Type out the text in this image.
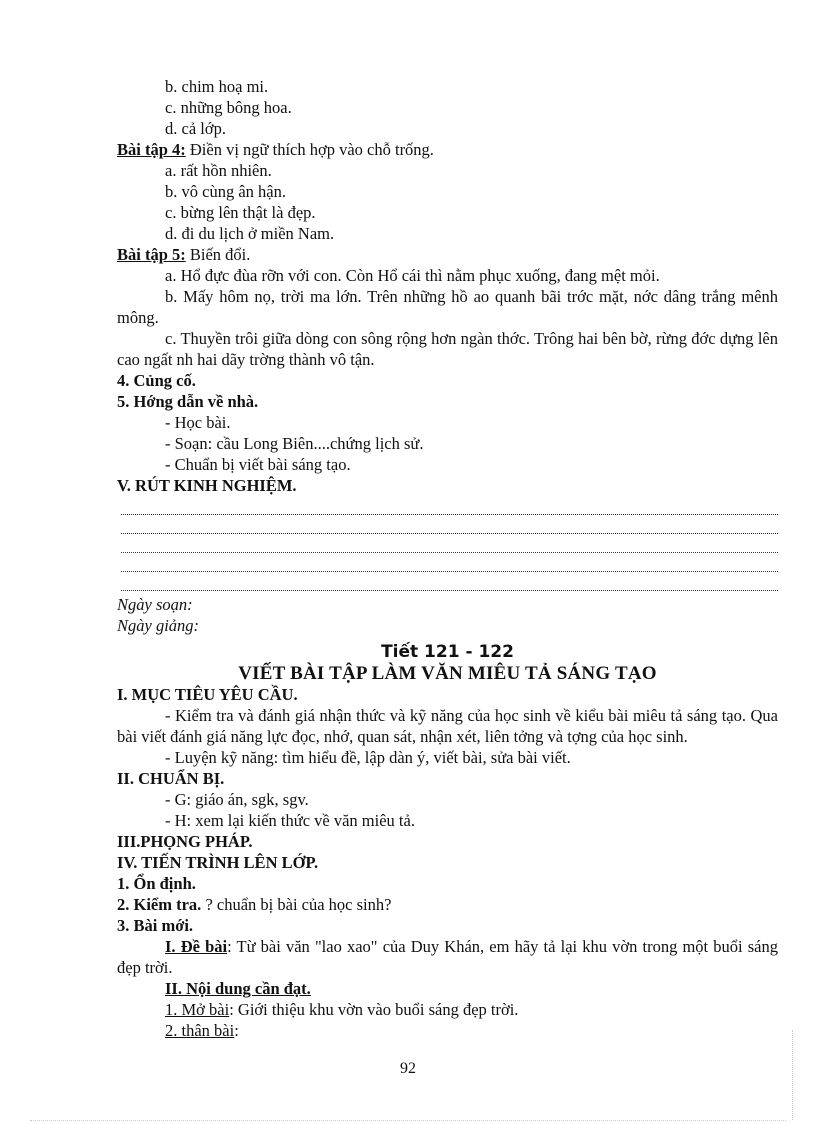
b. chim hoạ mi.
c. những bông hoa.
d. cả lớp.
Bài tập 4: Điền vị ngữ thích hợp vào chỗ trống.
a. rất hồn nhiên.
b. vô cùng ân hận.
c. bừng lên thật là đẹp.
d. đi du lịch ở miền Nam.
Bài tập 5: Biến đổi.
a. Hổ đực đùa rỡn với con. Còn Hổ cái thì nằm phục xuống, đang mệt mỏi.
b. Mấy hôm nọ, trời ma lớn. Trên những hồ ao quanh bãi trớc mặt, nớc dâng trắng mênh mông.
c. Thuyền trôi giữa dòng con sông rộng hơn ngàn thớc. Trông hai bên bờ, rừng đớc dựng lên cao ngất nh hai dãy trờng thành vô tận.
4. Củng cố.
5. Hớng dẫn về nhà.
- Học bài.
- Soạn: cầu Long Biên....chứng lịch sử.
- Chuẩn bị viết bài sáng tạo.
V. RÚT KINH NGHIỆM.
Ngày soạn:
Ngày giảng:
Tiết 121 - 122
VIẾT BÀI TẬP LÀM VĂN MIÊU TẢ SÁNG TẠO
I. MỤC TIÊU YÊU CẦU.
- Kiểm tra và đánh giá nhận thức và kỹ năng của học sinh về kiểu bài miêu tả sáng tạo. Qua bài viết đánh giá năng lực đọc, nhớ, quan sát, nhận xét, liên tởng và tợng của học sinh.
- Luyện kỹ năng: tìm hiểu đề, lập dàn ý, viết bài, sửa bài viết.
II. CHUẨN BỊ.
- G: giáo án, sgk, sgv.
- H: xem lại kiến thức về văn miêu tả.
III.PHỌNG PHÁP.
IV. TIẾN TRÌNH LÊN LỚP.
1. Ổn định.
2. Kiểm tra. ? chuẩn bị bài của học sinh?
3. Bài mới.
I. Đề bài: Từ bài văn "lao xao" của Duy Khán, em hãy tả lại khu vờn trong một buổi sáng đẹp trời.
II. Nội dung cần đạt.
1. Mở bài: Giới thiệu khu vờn vào buổi sáng đẹp trời.
2. thân bài:
92
